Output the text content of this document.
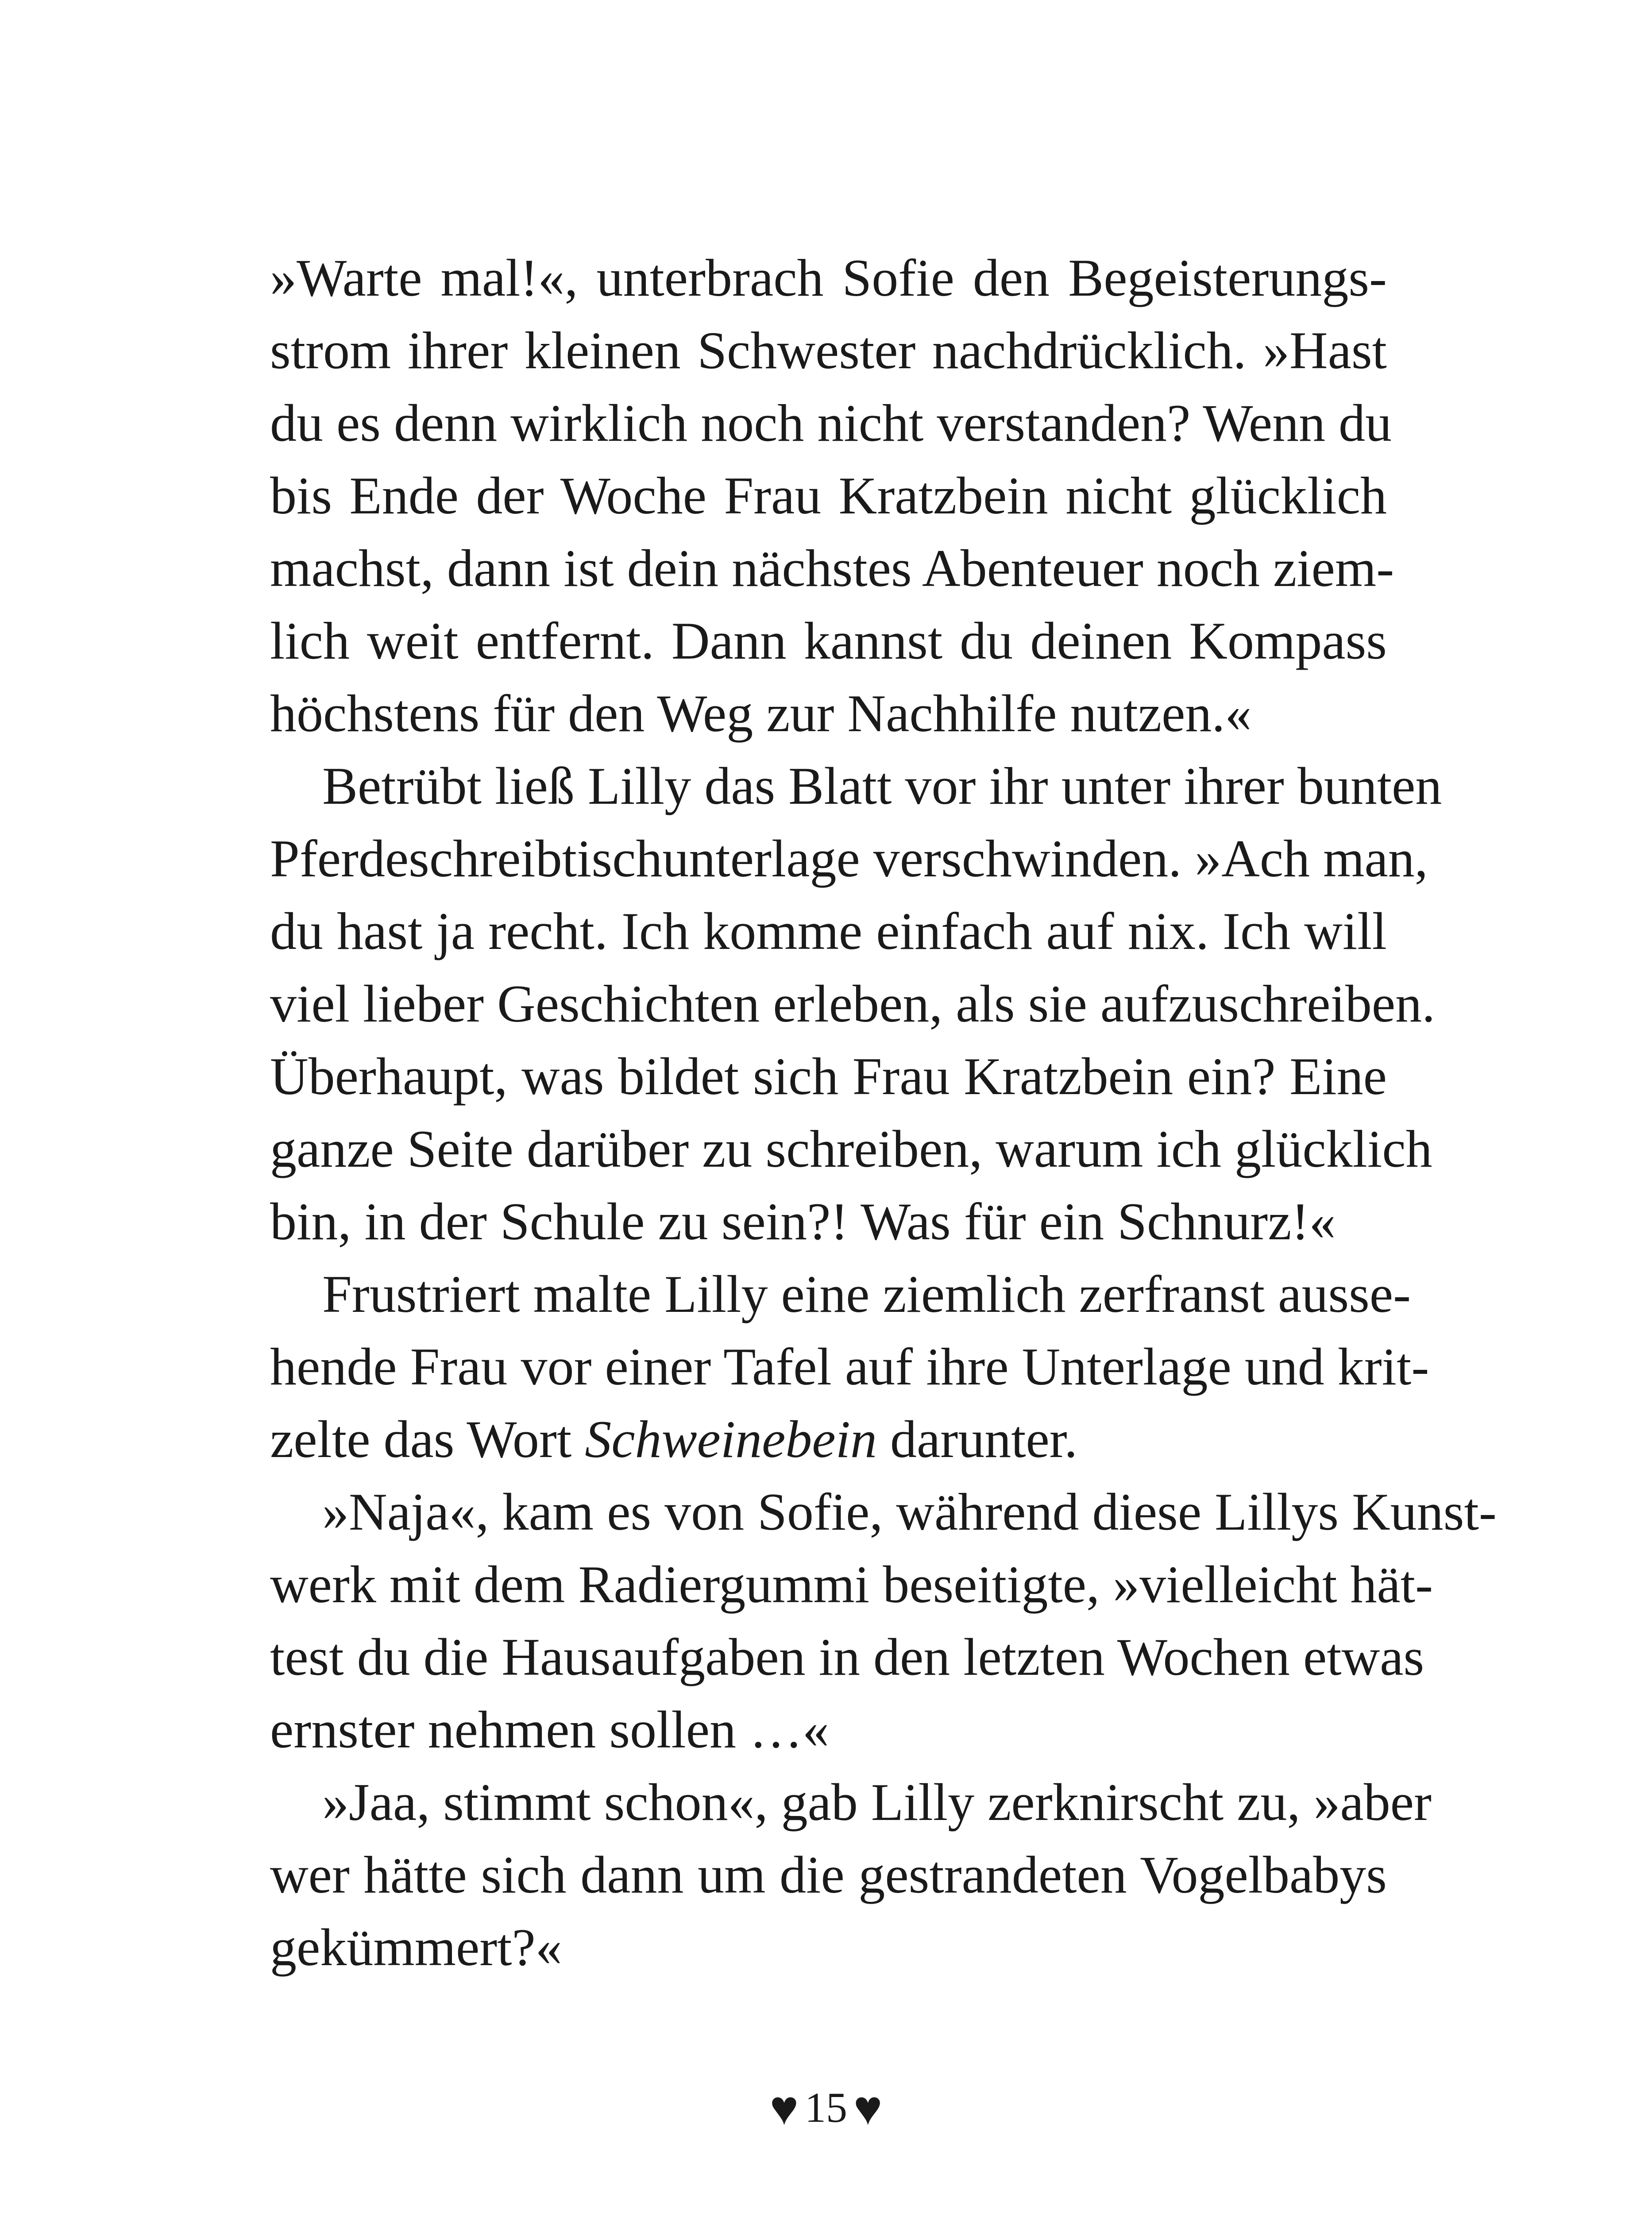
»Warte mal!«, unterbrach Sofie den Begeisterungs-
strom ihrer kleinen Schwester nachdrücklich. »Hast
du es denn wirklich noch nicht verstanden? Wenn du
bis Ende der Woche Frau Kratzbein nicht glücklich
machst, dann ist dein nächstes Abenteuer noch ziem-
lich weit entfernt. Dann kannst du deinen Kompass
höchstens für den Weg zur Nachhilfe nutzen.«
Betrübt ließ Lilly das Blatt vor ihr unter ihrer bunten
Pferdeschreibtischunterlage verschwinden. »Ach man,
du hast ja recht. Ich komme einfach auf nix. Ich will
viel lieber Geschichten erleben, als sie aufzuschreiben.
Überhaupt, was bildet sich Frau Kratzbein ein? Eine
ganze Seite darüber zu schreiben, warum ich glücklich
bin, in der Schule zu sein?! Was für ein Schnurz!«
Frustriert malte Lilly eine ziemlich zerfranst ausse-
hende Frau vor einer Tafel auf ihre Unterlage und krit-
zelte das Wort Schweinebein darunter.
»Naja«, kam es von Sofie, während diese Lillys Kunst-
werk mit dem Radiergummi beseitigte, »vielleicht hät-
test du die Hausaufgaben in den letzten Wochen etwas
ernster nehmen sollen …«
»Jaa, stimmt schon«, gab Lilly zerknirscht zu, »aber
wer hätte sich dann um die gestrandeten Vogelbabys
gekümmert?«
♥ 15 ♥
